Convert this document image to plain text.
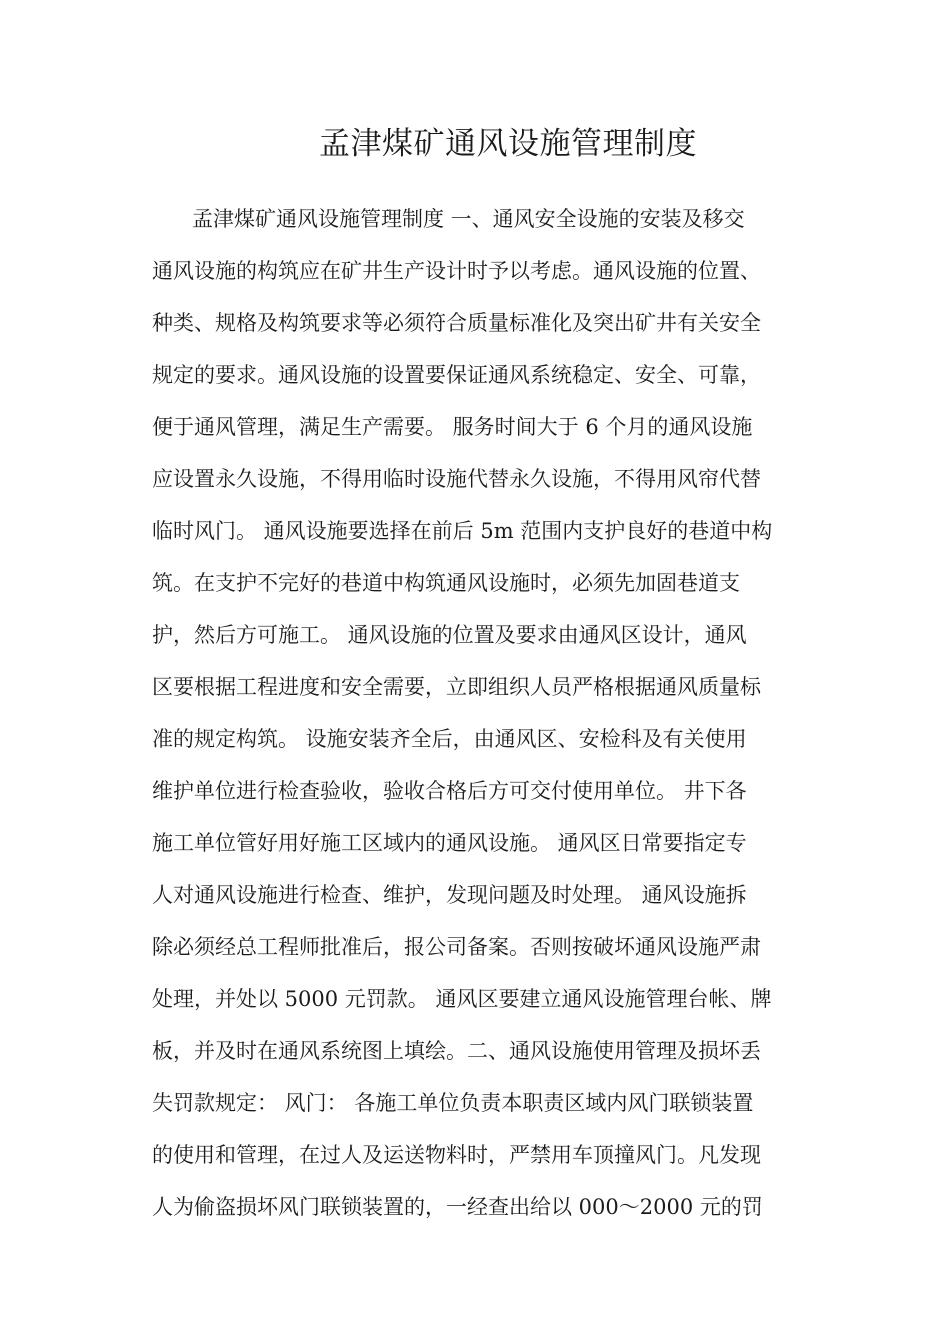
孟津煤矿通风设施管理制度
孟津煤矿通风设施管理制度 一、通风安全设施的安装及移交
通风设施的构筑应在矿井生产设计时予以考虑。通风设施的位置、
种类、规格及构筑要求等必须符合质量标准化及突出矿井有关安全
规定的要求。通风设施的设置要保证通风系统稳定、安全、可靠，
便于通风管理，满足生产需要。 服务时间大于 6 个月的通风设施
应设置永久设施，不得用临时设施代替永久设施，不得用风帘代替
临时风门。 通风设施要选择在前后 5m 范围内支护良好的巷道中构
筑。在支护不完好的巷道中构筑通风设施时，必须先加固巷道支
护，然后方可施工。 通风设施的位置及要求由通风区设计，通风
区要根据工程进度和安全需要，立即组织人员严格根据通风质量标
准的规定构筑。 设施安装齐全后，由通风区、安检科及有关使用
维护单位进行检查验收，验收合格后方可交付使用单位。 井下各
施工单位管好用好施工区域内的通风设施。 通风区日常要指定专
人对通风设施进行检查、维护，发现问题及时处理。 通风设施拆
除必须经总工程师批准后，报公司备案。否则按破坏通风设施严肃
处理，并处以 5000 元罚款。 通风区要建立通风设施管理台帐、牌
板，并及时在通风系统图上填绘。二、通风设施使用管理及损坏丢
失罚款规定： 风门： 各施工单位负责本职责区域内风门联锁装置
的使用和管理，在过人及运送物料时，严禁用车顶撞风门。凡发现
人为偷盗损坏风门联锁装置的，一经查出给以 000～2000 元的罚
